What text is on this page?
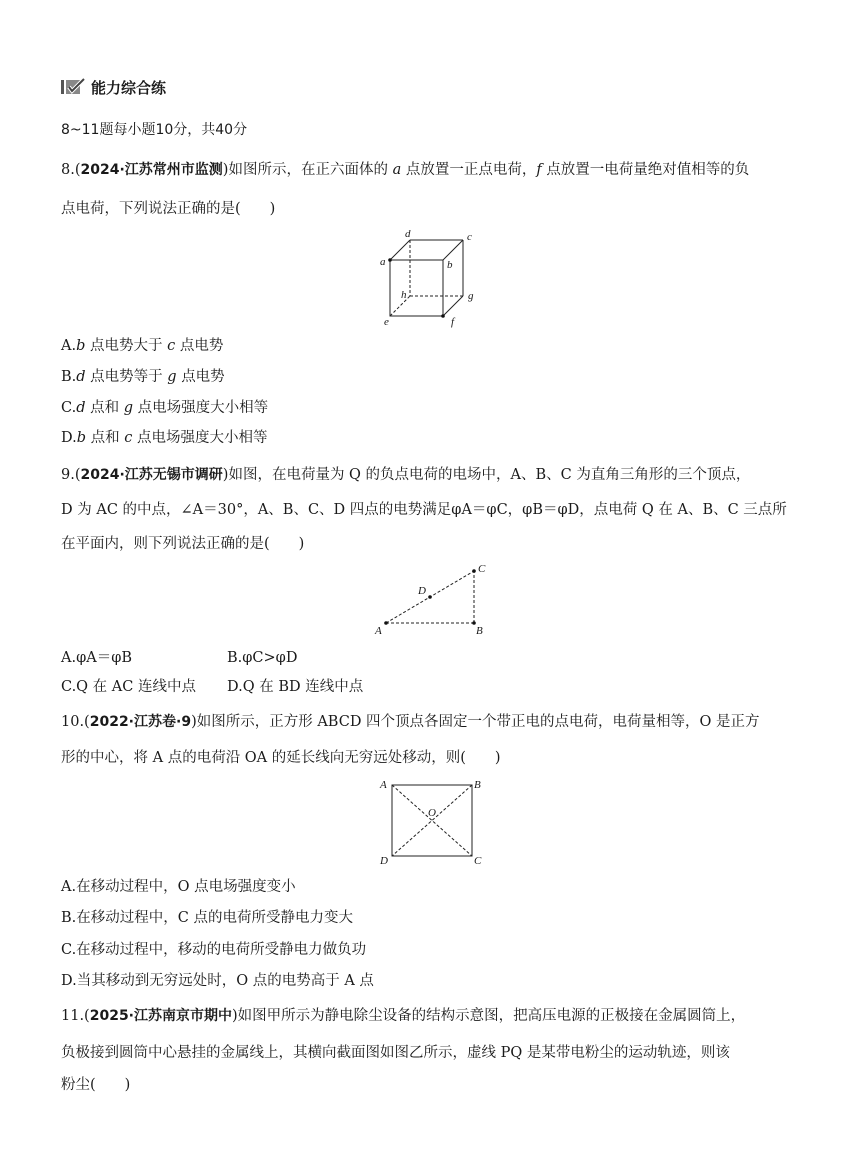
能力综合练
8~11题每小题10分，共40分
8.(2024·江苏常州市监测)如图所示，在正六面体的 a 点放置一正点电荷，f 点放置一电荷量绝对值相等的负
点电荷，下列说法正确的是(　　)
a	b
c
d
e	f
g
h
A.b 点电势大于 c 点电势
B.d 点电势等于 g 点电势
C.d 点和 g 点电场强度大小相等
D.b 点和 c 点电场强度大小相等
9.(2024·江苏无锡市调研)如图，在电荷量为 Q 的负点电荷的电场中，A、B、C 为直角三角形的三个顶点，
D 为 AC 的中点，∠A＝30°，A、B、C、D 四点的电势满足φA＝φC，φB＝φD，点电荷 Q 在 A、B、C 三点所
在平面内，则下列说法正确的是(　　)
A	B
C
D
A.φA＝φB	B.φC>φD
C.Q 在 AC 连线中点 D.Q 在 BD 连线中点
10.(2022·江苏卷·9)如图所示，正方形 ABCD 四个顶点各固定一个带正电的点电荷，电荷量相等，O 是正方
形的中心，将 A 点的电荷沿 OA 的延长线向无穷远处移动，则(　　)
A	B
C
D
O
A.在移动过程中，O 点电场强度变小
B.在移动过程中，C 点的电荷所受静电力变大
C.在移动过程中，移动的电荷所受静电力做负功
D.当其移动到无穷远处时，O 点的电势高于 A 点
11.(2025·江苏南京市期中)如图甲所示为静电除尘设备的结构示意图，把高压电源的正极接在金属圆筒上，
负极接到圆筒中心悬挂的金属线上，其横向截面图如图乙所示，虚线 PQ 是某带电粉尘的运动轨迹，则该
粉尘(　　)
